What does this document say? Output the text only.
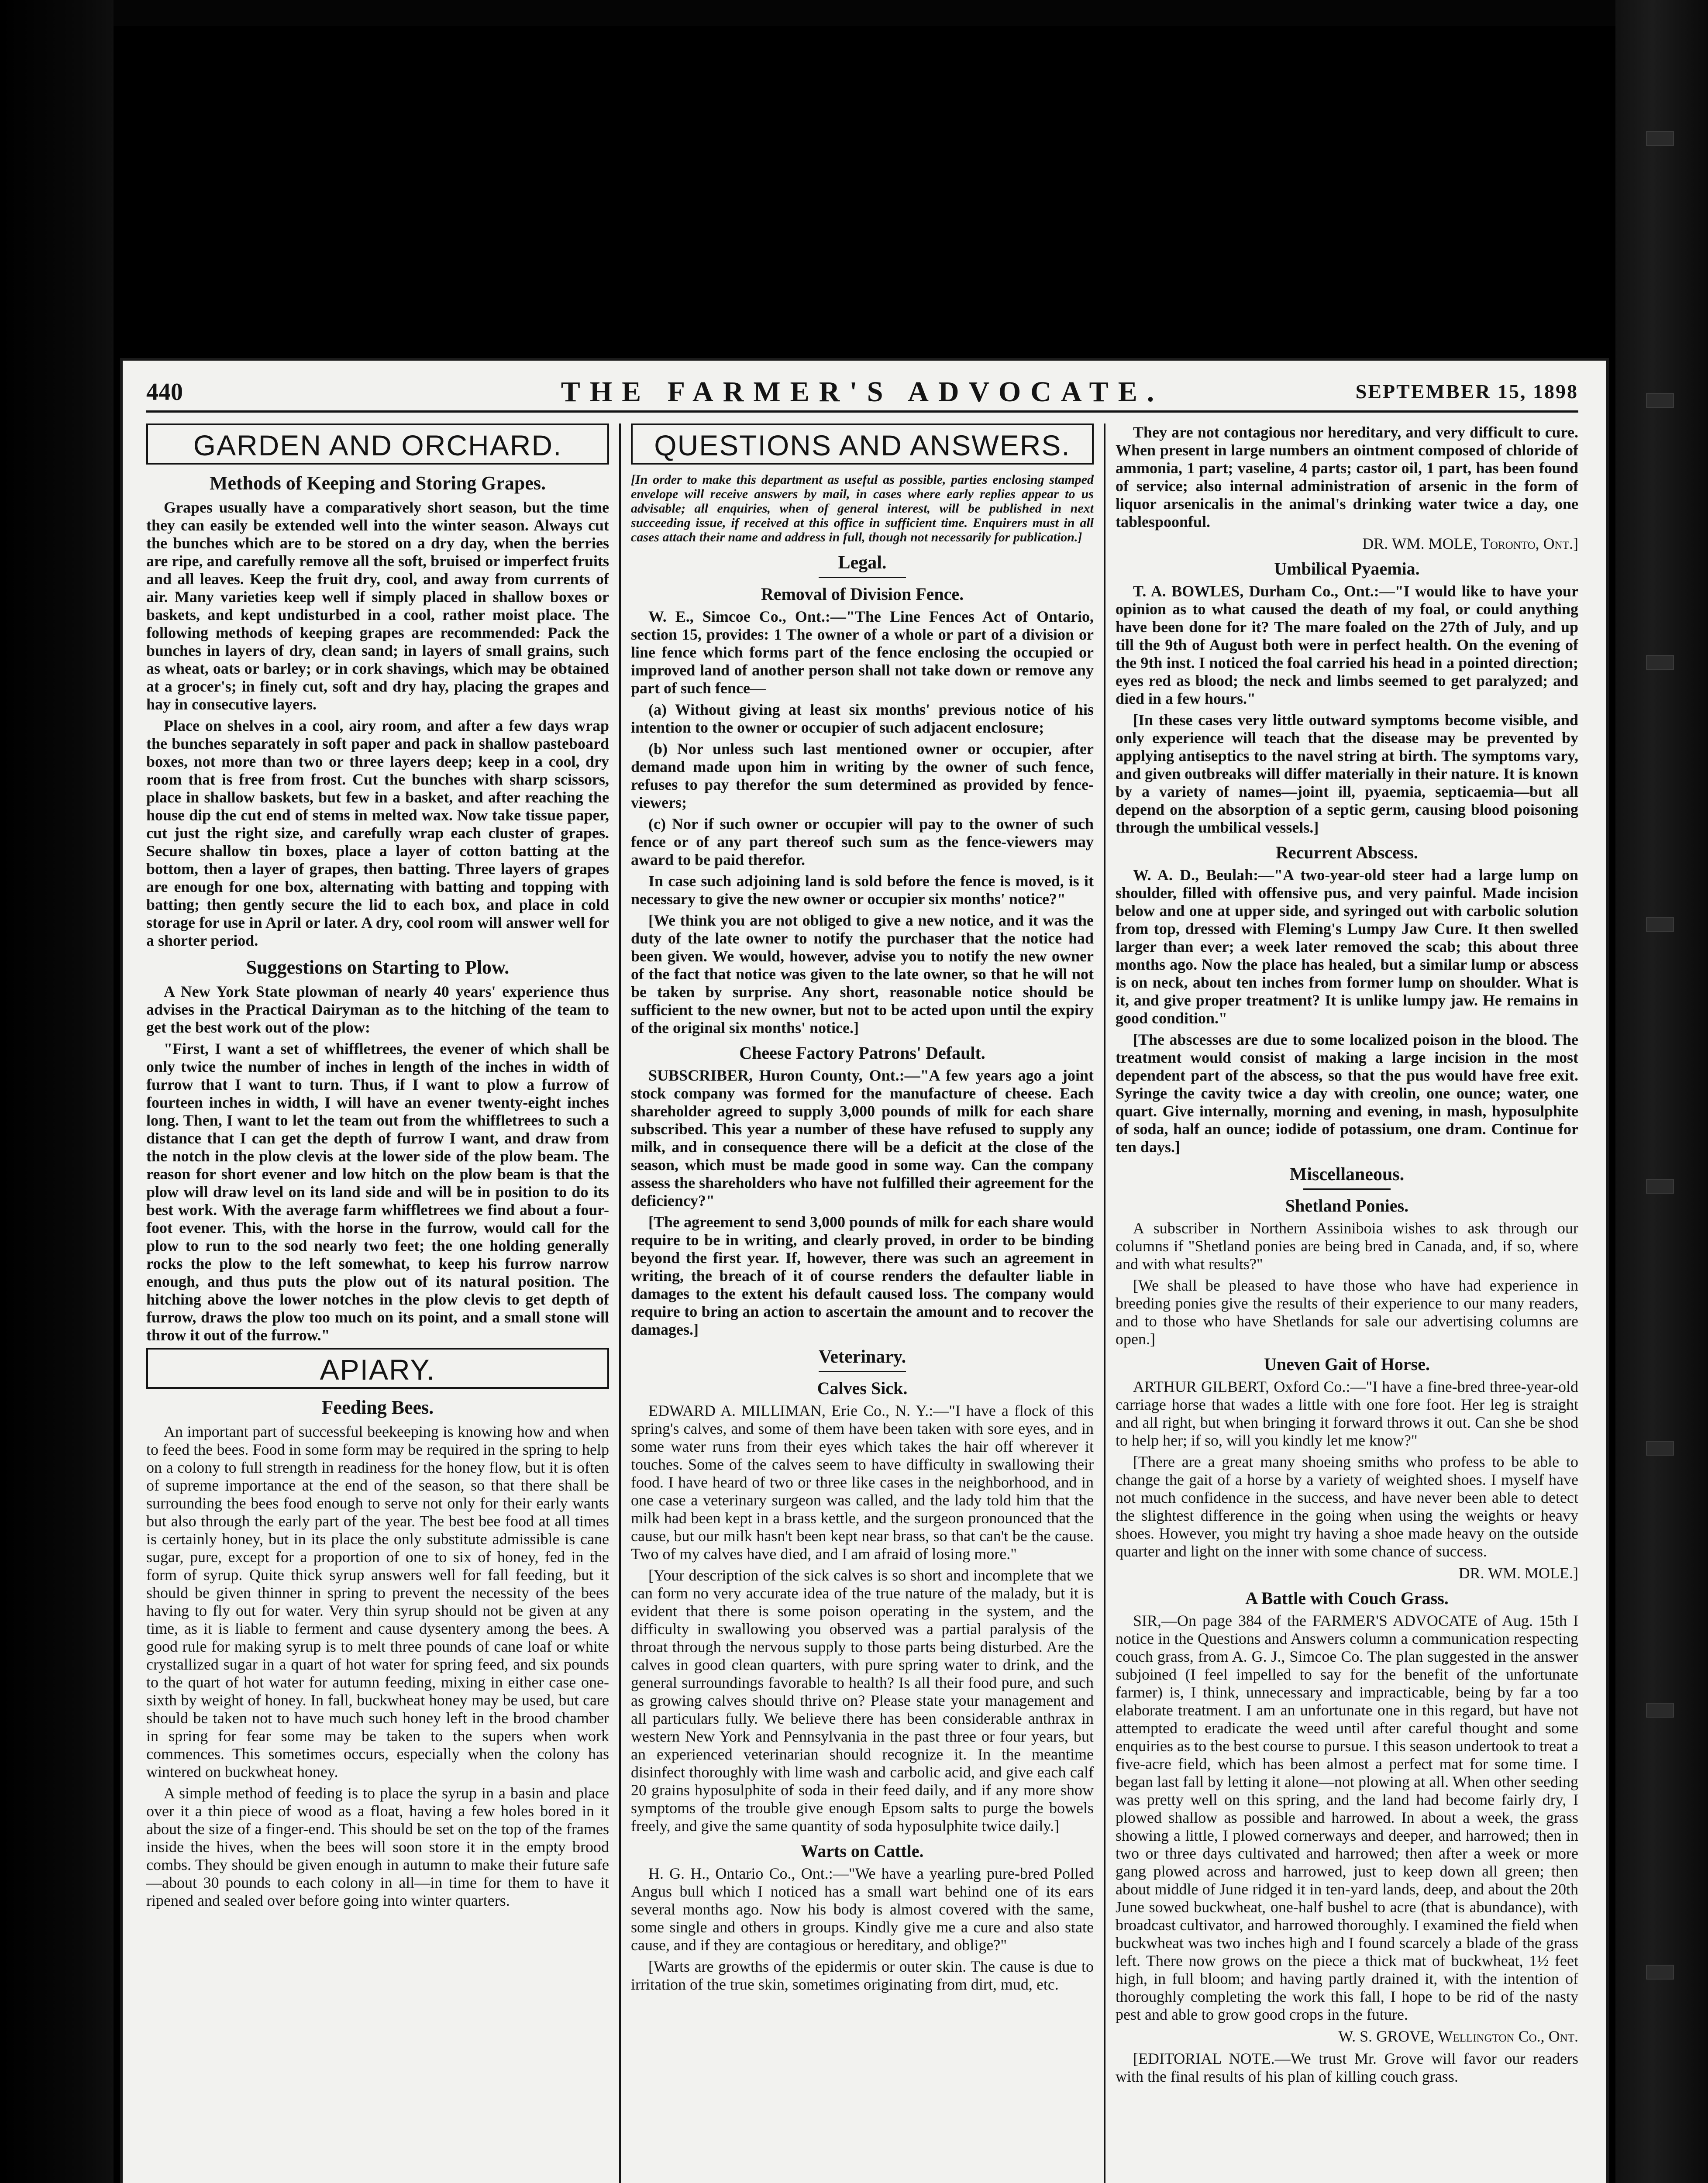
440	THE FARMER'S ADVOCATE.	SEPTEMBER 15, 1898
GARDEN AND ORCHARD.
Methods of Keeping and Storing Grapes.

Grapes usually have a comparatively short season, but the time they can easily be extended well into the winter season. Always cut the bunches which are to be stored on a dry day, when the berries are ripe, and carefully remove all the soft, bruised or imperfect fruits and all leaves. Keep the fruit dry, cool, and away from currents of air. Many varieties keep well if simply placed in shallow boxes or baskets, and kept undisturbed in a cool, rather moist place. The following methods of keeping grapes are recommended: Pack the bunches in layers of dry, clean sand; in layers of small grains, such as wheat, oats or barley; or in cork shavings, which may be obtained at a grocer's; in finely cut, soft and dry hay, placing the grapes and hay in consecutive layers.

Place on shelves in a cool, airy room, and after a few days wrap the bunches separately in soft paper and pack in shallow pasteboard boxes, not more than two or three layers deep; keep in a cool, dry room that is free from frost. Cut the bunches with sharp scissors, place in shallow baskets, but few in a basket, and after reaching the house dip the cut end of stems in melted wax. Now take tissue paper, cut just the right size, and carefully wrap each cluster of grapes. Secure shallow tin boxes, place a layer of cotton batting at the bottom, then a layer of grapes, then batting. Three layers of grapes are enough for one box, alternating with batting and topping with batting; then gently secure the lid to each box, and place in cold storage for use in April or later. A dry, cool room will answer well for a shorter period.

Suggestions on Starting to Plow.

A New York State plowman of nearly 40 years' experience thus advises in the Practical Dairyman as to the hitching of the team to get the best work out of the plow:

"First, I want a set of whiffletrees, the evener of which shall be only twice the number of inches in length of the inches in width of furrow that I want to turn. Thus, if I want to plow a furrow of fourteen inches in width, I will have an evener twenty-eight inches long. Then, I want to let the team out from the whiffletrees to such a distance that I can get the depth of furrow I want, and draw from the notch in the plow clevis at the lower side of the plow beam. The reason for short evener and low hitch on the plow beam is that the plow will draw level on its land side and will be in position to do its best work. With the average farm whiffletrees we find about a four-foot evener. This, with the horse in the furrow, would call for the plow to run to the sod nearly two feet; the one holding generally rocks the plow to the left somewhat, to keep his furrow narrow enough, and thus puts the plow out of its natural position. The hitching above the lower notches in the plow clevis to get depth of furrow, draws the plow too much on its point, and a small stone will throw it out of the furrow."

APIARY.
Feeding Bees.

An important part of successful beekeeping is knowing how and when to feed the bees. Food in some form may be required in the spring to help on a colony to full strength in readiness for the honey flow, but it is often of supreme importance at the end of the season, so that there shall be surrounding the bees food enough to serve not only for their early wants but also through the early part of the year. The best bee food at all times is certainly honey, but in its place the only substitute admissible is cane sugar, pure, except for a proportion of one to six of honey, fed in the form of syrup. Quite thick syrup answers well for fall feeding, but it should be given thinner in spring to prevent the necessity of the bees having to fly out for water. Very thin syrup should not be given at any time, as it is liable to ferment and cause dysentery among the bees. A good rule for making syrup is to melt three pounds of cane loaf or white crystallized sugar in a quart of hot water for spring feed, and six pounds to the quart of hot water for autumn feeding, mixing in either case one-sixth by weight of honey. In fall, buckwheat honey may be used, but care should be taken not to have much such honey left in the brood chamber in spring for fear some may be taken to the supers when work commences. This sometimes occurs, especially when the colony has wintered on buckwheat honey.

A simple method of feeding is to place the syrup in a basin and place over it a thin piece of wood as a float, having a few holes bored in it about the size of a finger-end. This should be set on the top of the frames inside the hives, when the bees will soon store it in the empty brood combs. They should be given enough in autumn to make their future safe—about 30 pounds to each colony in all—in time for them to have it ripened and sealed over before going into winter quarters.

QUESTIONS AND ANSWERS.
[In order to make this department as useful as possible, parties enclosing stamped envelope will receive answers by mail, in cases where early replies appear to us advisable; all enquiries, when of general interest, will be published in next succeeding issue, if received at this office in sufficient time. Enquirers must in all cases attach their name and address in full, though not necessarily for publication.]
Legal.
Removal of Division Fence.

W. E., Simcoe Co., Ont.:—"The Line Fences Act of Ontario, section 15, provides: 1 The owner of a whole or part of a division or line fence which forms part of the fence enclosing the occupied or improved land of another person shall not take down or remove any part of such fence—

(a) Without giving at least six months' previous notice of his intention to the owner or occupier of such adjacent enclosure;

(b) Nor unless such last mentioned owner or occupier, after demand made upon him in writing by the owner of such fence, refuses to pay therefor the sum determined as provided by fence-viewers;

(c) Nor if such owner or occupier will pay to the owner of such fence or of any part thereof such sum as the fence-viewers may award to be paid therefor.

In case such adjoining land is sold before the fence is moved, is it necessary to give the new owner or occupier six months' notice?"

[We think you are not obliged to give a new notice, and it was the duty of the late owner to notify the purchaser that the notice had been given. We would, however, advise you to notify the new owner of the fact that notice was given to the late owner, so that he will not be taken by surprise. Any short, reasonable notice should be sufficient to the new owner, but not to be acted upon until the expiry of the original six months' notice.]

Cheese Factory Patrons' Default.

SUBSCRIBER, Huron County, Ont.:—"A few years ago a joint stock company was formed for the manufacture of cheese. Each shareholder agreed to supply 3,000 pounds of milk for each share subscribed. This year a number of these have refused to supply any milk, and in consequence there will be a deficit at the close of the season, which must be made good in some way. Can the company assess the shareholders who have not fulfilled their agreement for the deficiency?"

[The agreement to send 3,000 pounds of milk for each share would require to be in writing, and clearly proved, in order to be binding beyond the first year. If, however, there was such an agreement in writing, the breach of it of course renders the defaulter liable in damages to the extent his default caused loss. The company would require to bring an action to ascertain the amount and to recover the damages.]

Veterinary.
Calves Sick.

EDWARD A. MILLIMAN, Erie Co., N. Y.:—"I have a flock of this spring's calves, and some of them have been taken with sore eyes, and in some water runs from their eyes which takes the hair off wherever it touches. Some of the calves seem to have difficulty in swallowing their food. I have heard of two or three like cases in the neighborhood, and in one case a veterinary surgeon was called, and the lady told him that the milk had been kept in a brass kettle, and the surgeon pronounced that the cause, but our milk hasn't been kept near brass, so that can't be the cause. Two of my calves have died, and I am afraid of losing more."

[Your description of the sick calves is so short and incomplete that we can form no very accurate idea of the true nature of the malady, but it is evident that there is some poison operating in the system, and the difficulty in swallowing you observed was a partial paralysis of the throat through the nervous supply to those parts being disturbed. Are the calves in good clean quarters, with pure spring water to drink, and the general surroundings favorable to health? Is all their food pure, and such as growing calves should thrive on? Please state your management and all particulars fully. We believe there has been considerable anthrax in western New York and Pennsylvania in the past three or four years, but an experienced veterinarian should recognize it. In the meantime disinfect thoroughly with lime wash and carbolic acid, and give each calf 20 grains hyposulphite of soda in their feed daily, and if any more show symptoms of the trouble give enough Epsom salts to purge the bowels freely, and give the same quantity of soda hyposulphite twice daily.]

Warts on Cattle.

H. G. H., Ontario Co., Ont.:—"We have a yearling pure-bred Polled Angus bull which I noticed has a small wart behind one of its ears several months ago. Now his body is almost covered with the same, some single and others in groups. Kindly give me a cure and also state cause, and if they are contagious or hereditary, and oblige?"

[Warts are growths of the epidermis or outer skin. The cause is due to irritation of the true skin, sometimes originating from dirt, mud, etc.

They are not contagious nor hereditary, and very difficult to cure. When present in large numbers an ointment composed of chloride of ammonia, 1 part; vaseline, 4 parts; castor oil, 1 part, has been found of service; also internal administration of arsenic in the form of liquor arsenicalis in the animal's drinking water twice a day, one tablespoonful.

DR. WM. MOLE, Toronto, Ont.]
Umbilical Pyaemia.

T. A. BOWLES, Durham Co., Ont.:—"I would like to have your opinion as to what caused the death of my foal, or could anything have been done for it? The mare foaled on the 27th of July, and up till the 9th of August both were in perfect health. On the evening of the 9th inst. I noticed the foal carried his head in a pointed direction; eyes red as blood; the neck and limbs seemed to get paralyzed; and died in a few hours."

[In these cases very little outward symptoms become visible, and only experience will teach that the disease may be prevented by applying antiseptics to the navel string at birth. The symptoms vary, and given outbreaks will differ materially in their nature. It is known by a variety of names—joint ill, pyaemia, septicaemia—but all depend on the absorption of a septic germ, causing blood poisoning through the umbilical vessels.]

Recurrent Abscess.

W. A. D., Beulah:—"A two-year-old steer had a large lump on shoulder, filled with offensive pus, and very painful. Made incision below and one at upper side, and syringed out with carbolic solution from top, dressed with Fleming's Lumpy Jaw Cure. It then swelled larger than ever; a week later removed the scab; this about three months ago. Now the place has healed, but a similar lump or abscess is on neck, about ten inches from former lump on shoulder. What is it, and give proper treatment? It is unlike lumpy jaw. He remains in good condition."

[The abscesses are due to some localized poison in the blood. The treatment would consist of making a large incision in the most dependent part of the abscess, so that the pus would have free exit. Syringe the cavity twice a day with creolin, one ounce; water, one quart. Give internally, morning and evening, in mash, hyposulphite of soda, half an ounce; iodide of potassium, one dram. Continue for ten days.]

Miscellaneous.
Shetland Ponies.

A subscriber in Northern Assiniboia wishes to ask through our columns if "Shetland ponies are being bred in Canada, and, if so, where and with what results?"

[We shall be pleased to have those who have had experience in breeding ponies give the results of their experience to our many readers, and to those who have Shetlands for sale our advertising columns are open.]

Uneven Gait of Horse.

ARTHUR GILBERT, Oxford Co.:—"I have a fine-bred three-year-old carriage horse that wades a little with one fore foot. Her leg is straight and all right, but when bringing it forward throws it out. Can she be shod to help her; if so, will you kindly let me know?"

[There are a great many shoeing smiths who profess to be able to change the gait of a horse by a variety of weighted shoes. I myself have not much confidence in the success, and have never been able to detect the slightest difference in the going when using the weights or heavy shoes. However, you might try having a shoe made heavy on the outside quarter and light on the inner with some chance of success.

DR. WM. MOLE.]
A Battle with Couch Grass.

SIR,—On page 384 of the FARMER'S ADVOCATE of Aug. 15th I notice in the Questions and Answers column a communication respecting couch grass, from A. G. J., Simcoe Co. The plan suggested in the answer subjoined (I feel impelled to say for the benefit of the unfortunate farmer) is, I think, unnecessary and impracticable, being by far a too elaborate treatment. I am an unfortunate one in this regard, but have not attempted to eradicate the weed until after careful thought and some enquiries as to the best course to pursue. I this season undertook to treat a five-acre field, which has been almost a perfect mat for some time. I began last fall by letting it alone—not plowing at all. When other seeding was pretty well on this spring, and the land had become fairly dry, I plowed shallow as possible and harrowed. In about a week, the grass showing a little, I plowed cornerways and deeper, and harrowed; then in two or three days cultivated and harrowed; then after a week or more gang plowed across and harrowed, just to keep down all green; then about middle of June ridged it in ten-yard lands, deep, and about the 20th June sowed buckwheat, one-half bushel to acre (that is abundance), with broadcast cultivator, and harrowed thoroughly. I examined the field when buckwheat was two inches high and I found scarcely a blade of the grass left. There now grows on the piece a thick mat of buckwheat, 1½ feet high, in full bloom; and having partly drained it, with the intention of thoroughly completing the work this fall, I hope to be rid of the nasty pest and able to grow good crops in the future.

W. S. GROVE, Wellington Co., Ont.

[EDITORIAL NOTE.—We trust Mr. Grove will favor our readers with the final results of his plan of killing couch grass.
